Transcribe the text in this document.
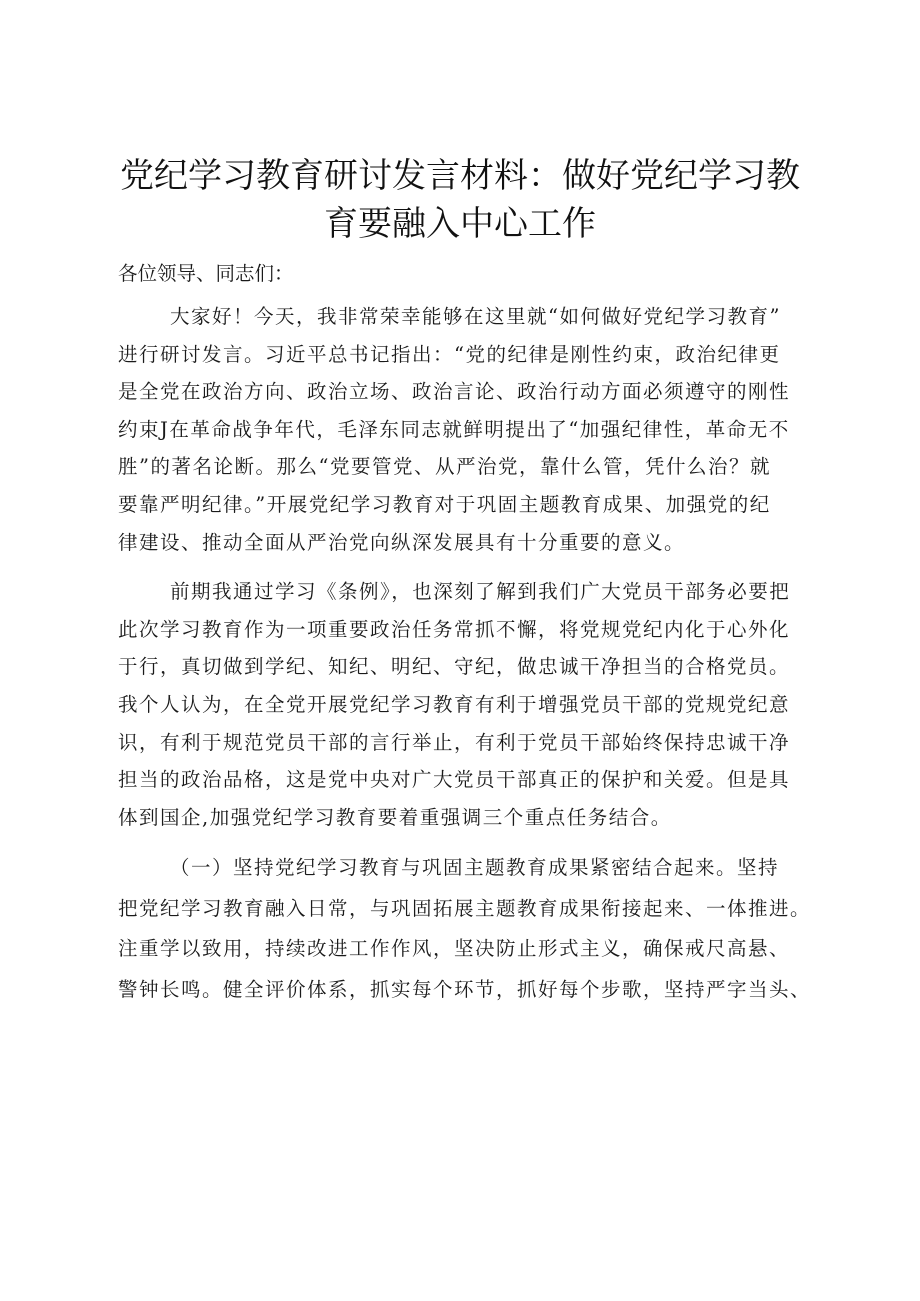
党纪学习教育研讨发言材料：做好党纪学习教
育要融入中心工作
各位领导、同志们：
大家好！今天，我非常荣幸能够在这里就“如何做好党纪学习教育”
进行研讨发言。习近平总书记指出：“党的纪律是刚性约束，政治纪律更
是全党在政治方向、政治立场、政治言论、政治行动方面必须遵守的刚性
约束J在革命战争年代，毛泽东同志就鲜明提出了“加强纪律性，革命无不
胜”的著名论断。那么“党要管党、从严治党，靠什么管，凭什么治？就
要靠严明纪律。”开展党纪学习教育对于巩固主题教育成果、加强党的纪
律建设、推动全面从严治党向纵深发展具有十分重要的意义。
前期我通过学习《条例》，也深刻了解到我们广大党员干部务必要把
此次学习教育作为一项重要政治任务常抓不懈，将党规党纪内化于心外化
于行，真切做到学纪、知纪、明纪、守纪，做忠诚干净担当的合格党员。
我个人认为，在全党开展党纪学习教育有利于增强党员干部的党规党纪意
识，有利于规范党员干部的言行举止，有利于党员干部始终保持忠诚干净
担当的政治品格，这是党中央对广大党员干部真正的保护和关爱。但是具
体到国企,加强党纪学习教育要着重强调三个重点任务结合。
（一）坚持党纪学习教育与巩固主题教育成果紧密结合起来。坚持
把党纪学习教育融入日常，与巩固拓展主题教育成果衔接起来、一体推进。
注重学以致用，持续改进工作作风，坚决防止形式主义，确保戒尺高悬、
警钟长鸣。健全评价体系，抓实每个环节，抓好每个步歌，坚持严字当头、
